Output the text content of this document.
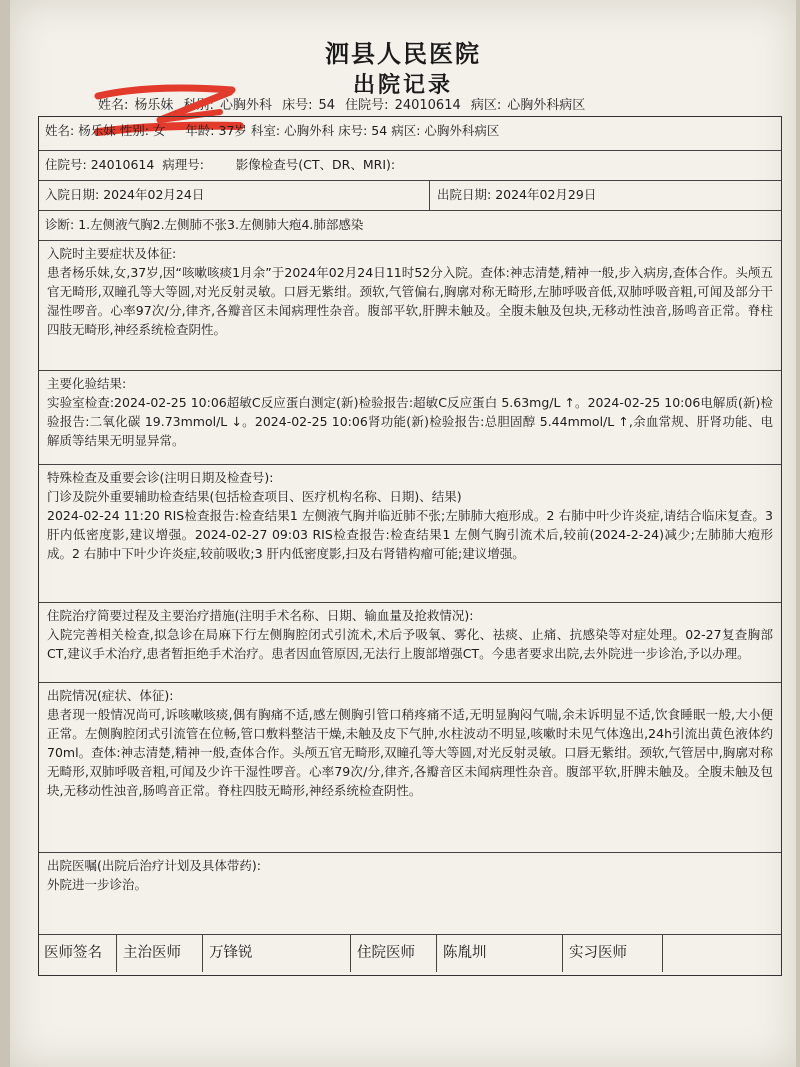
泗县人民医院
出院记录
姓名: 杨乐妹 科别: 心胸外科 床号: 54 住院号: 24010614 病区: 心胸外科病区
姓名: 杨乐妹 性别: 女 年龄: 37岁 科室: 心胸外科 床号: 54 病区: 心胸外科病区
住院号: 24010614 病理号:	影像检查号(CT、DR、MRI):
入院日期: 2024年02月24日	出院日期: 2024年02月29日
诊断: 1.左侧液气胸2.左侧肺不张3.左侧肺大疱4.肺部感染
入院时主要症状及体征:
患者杨乐妹,女,37岁,因“咳嗽咳痰1月余”于2024年02月24日11时52分入院。查体:神志清楚,精神一般,步入病房,查体合作。头颅五官无畸形,双瞳孔等大等圆,对光反射灵敏。口唇无紫绀。颈软,气管偏右,胸廓对称无畸形,左肺呼吸音低,双肺呼吸音粗,可闻及部分干湿性啰音。心率97次/分,律齐,各瓣音区未闻病理性杂音。腹部平软,肝脾未触及。全腹未触及包块,无移动性浊音,肠鸣音正常。脊柱四肢无畸形,神经系统检查阴性。
主要化验结果:
实验室检查:2024-02-25 10:06超敏C反应蛋白测定(新)检验报告:超敏C反应蛋白 5.63mg/L ↑。2024-02-25 10:06电解质(新)检验报告:二氧化碳 19.73mmol/L ↓。2024-02-25 10:06肾功能(新)检验报告:总胆固醇 5.44mmol/L ↑,余血常规、肝肾功能、电解质等结果无明显异常。
特殊检查及重要会诊(注明日期及检查号):
门诊及院外重要辅助检查结果(包括检查项目、医疗机构名称、日期)、结果)
2024-02-24 11:20 RIS检查报告:检查结果1 左侧液气胸并临近肺不张;左肺肺大疱形成。2 右肺中叶少许炎症,请结合临床复查。3 肝内低密度影,建议增强。2024-02-27 09:03 RIS检查报告:检查结果1 左侧气胸引流术后,较前(2024-2-24)减少;左肺肺大疱形成。2 右肺中下叶少许炎症,较前吸收;3 肝内低密度影,扫及右肾错构瘤可能;建议增强。
住院治疗简要过程及主要治疗措施(注明手术名称、日期、输血量及抢救情况):
入院完善相关检查,拟急诊在局麻下行左侧胸腔闭式引流术,术后予吸氧、雾化、祛痰、止痛、抗感染等对症处理。02-27复查胸部CT,建议手术治疗,患者暂拒绝手术治疗。患者因血管原因,无法行上腹部增强CT。今患者要求出院,去外院进一步诊治,予以办理。
出院情况(症状、体征):
患者现一般情况尚可,诉咳嗽咳痰,偶有胸痛不适,感左侧胸引管口稍疼痛不适,无明显胸闷气喘,余未诉明显不适,饮食睡眠一般,大小便正常。左侧胸腔闭式引流管在位畅,管口敷料整洁干燥,未触及皮下气肿,水柱波动不明显,咳嗽时未见气体逸出,24h引流出黄色液体约70ml。查体:神志清楚,精神一般,查体合作。头颅五官无畸形,双瞳孔等大等圆,对光反射灵敏。口唇无紫绀。颈软,气管居中,胸廓对称无畸形,双肺呼吸音粗,可闻及少许干湿性啰音。心率79次/分,律齐,各瓣音区未闻病理性杂音。腹部平软,肝脾未触及。全腹未触及包块,无移动性浊音,肠鸣音正常。脊柱四肢无畸形,神经系统检查阴性。
出院医嘱(出院后治疗计划及具体带药):
外院进一步诊治。
医师签名	主治医师	万锋锐	住院医师	陈胤圳	实习医师
